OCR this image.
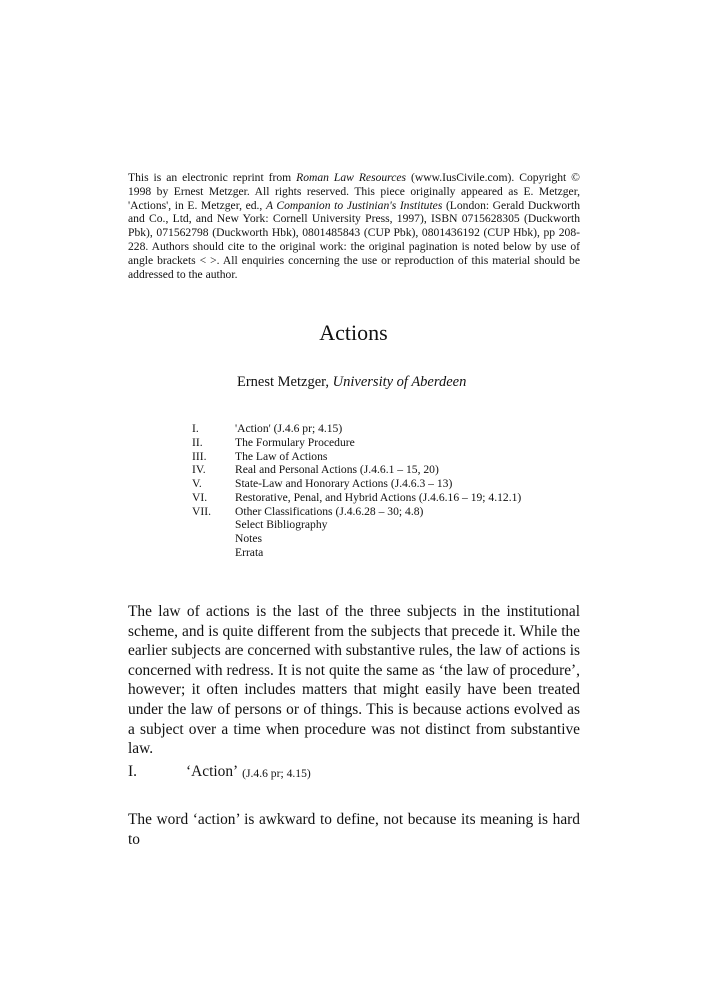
This is an electronic reprint from Roman Law Resources (www.IusCivile.com). Copyright © 1998 by Ernest Metzger. All rights reserved. This piece originally appeared as E. Metzger, 'Actions', in E. Metzger, ed., A Companion to Justinian's Institutes (London: Gerald Duckworth and Co., Ltd, and New York: Cornell University Press, 1997), ISBN 0715628305 (Duckworth Pbk), 071562798 (Duckworth Hbk), 0801485843 (CUP Pbk), 0801436192 (CUP Hbk), pp 208-228. Authors should cite to the original work: the original pagination is noted below by use of angle brackets < >. All enquiries concerning the use or reproduction of this material should be addressed to the author.
Actions
Ernest Metzger, University of Aberdeen
I.	'Action' (J.4.6 pr; 4.15)
II.	The Formulary Procedure
III.	The Law of Actions
IV.	Real and Personal Actions (J.4.6.1 – 15, 20)
V.	State-Law and Honorary Actions (J.4.6.3 – 13)
VI.	Restorative, Penal, and Hybrid Actions (J.4.6.16 – 19; 4.12.1)
VII.	Other Classifications (J.4.6.28 – 30; 4.8)
Select Bibliography
Notes
Errata
The law of actions is the last of the three subjects in the institutional scheme, and is quite different from the subjects that precede it. While the earlier subjects are concerned with substantive rules, the law of actions is concerned with redress. It is not quite the same as ‘the law of procedure’, however; it often includes matters that might easily have been treated under the law of persons or of things. This is because actions evolved as a subject over a time when procedure was not distinct from substantive law.
I.	‘Action’ (J.4.6 pr; 4.15)
The word ‘action’ is awkward to define, not because its meaning is hard to
